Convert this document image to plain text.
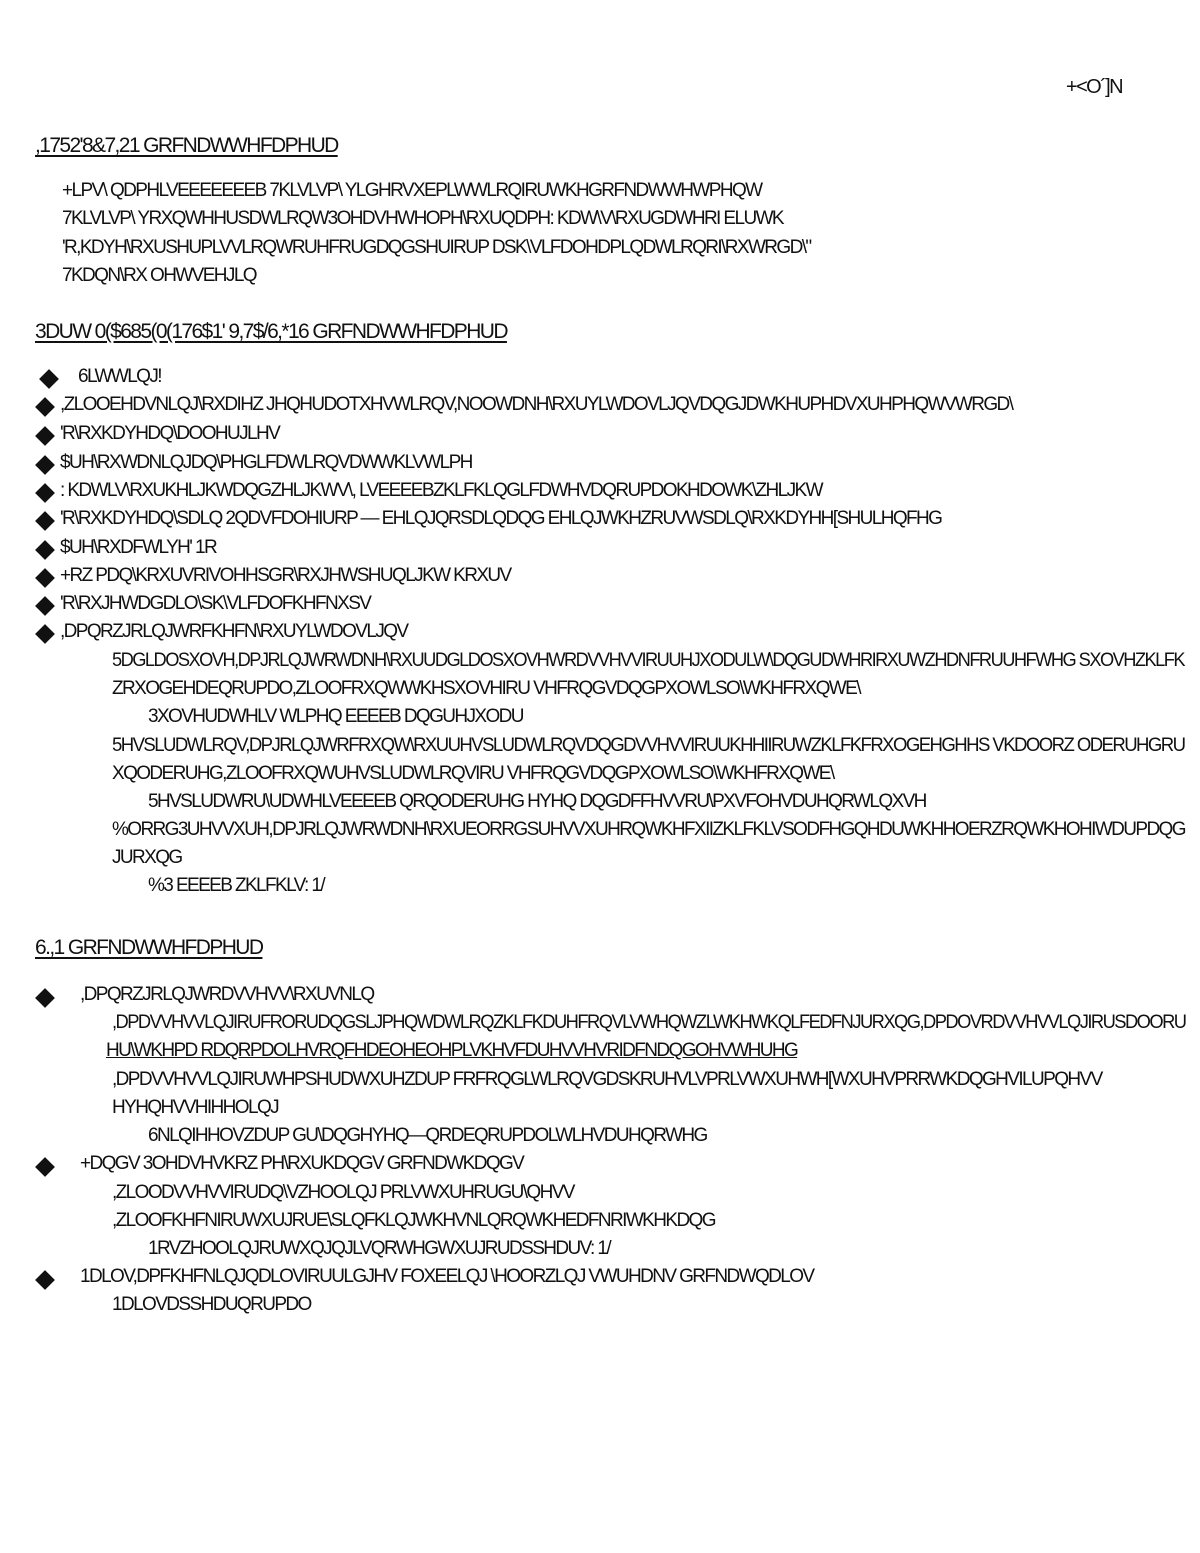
+<O´]N
,1752'8&7,21 GRFNDWWHFDPHUD
+LPV\ QDPHLVEEEEEEEB 7KLVLVP\ YLGHRVXEPLWWLRQIRUWKHGRFNDWWHWPHQW
7KLVLVP\ YRXQWHHUSDWLRQW3OHDVHWHOPH\RXUQDPH: KDW\V\RXUGDWHRI ELUWK
'R,KDYH\RXUSHUPLVVLRQWRUHFRUGDQGSHUIRUP DSK\VLFDOHDPLQDWLRQRI\RXWRGD\"
7KDQN\RX OHWVEHJLQ
3DUW 0($685(0(176$1' 9,7$/6,*16 GRFNDWWHFDPHUD
6LWWLQJ!
,ZLOOEHDVNLQJ\RXDIHZ JHQHUDOTXHVWLRQV,NOOWDNH\RXUYLWDOVLJQVDQGJDWKHUPHDVXUHPHQWVWRGD\
'R\RXKDYHDQ\DOOHUJLHV
$UH\RXWDNLQJDQ\PHGLFDWLRQVDWWKLVWLPH
: KDWLV\RXUKHLJKWDQGZHLJKWV\, LVEEEEBZKLFKLQGLFDWHVDQRUPDOKHDOWK\ZHLJKW
'R\RXKDYHDQ\SDLQ 2QDVFDOHIURP — EHLQJQRSDLQDQG EHLQJWKHZRUVWSDLQ\RXKDYHH[SHULHQFHG
$UH\RXDFWLYH' 1R
+RZ PDQ\KRXUVRIVOHHSGR\RXJHWSHUQLJKW KRXUV
'R\RXJHWDGDLO\SK\VLFDOFKHFNXSV
,DPQRZJRLQJWRFKHFN\RXUYLWDOVLJQV
5DGLDOSXOVH,DPJRLQJWRWDNH\RXUUDGLDOSXOVHWRDVVHVVIRUUHJXODULW\DQGUDWHRIRXUWZHDNFRUUHFWHG SXOVHZKLFK
ZRXOGEHDEQRUPDO,ZLOOFRXQWWKHSXOVHIRU VHFRQGVDQGPXOWLSO\WKHFRXQWE\
3XOVHUDWHLV WLPHQ EEEEB DQGUHJXODU
5HVSLUDWLRQV,DPJRLQJWRFRXQW\RXUUHVSLUDWLRQVDQGDVVHVVIRUUKHHIIRUWZKLFKFRXOGEHGHHS VKDOORZ ODERUHGRU
XQODERUHG,ZLOOFRXQWUHVSLUDWLRQVIRU VHFRQGVDQGPXOWLSO\WKHFRXQWE\
5HVSLUDWRU\UDWHLVEEEEB QRQODERUHG HYHQ DQGDFFHVVRU\PXVFOHVDUHQRWLQXVH
%ORRG3UHVVXUH,DPJRLQJWRWDNH\RXUEORRGSUHVVXUHRQWKHFXIIZKLFKLVSODFHGQHDUWKHHOERZRQWKHOHIWDUPDQG
JURXQG
%3 EEEEB ZKLFKLV: 1/
6.,1 GRFNDWWHFDPHUD
,DPQRZJRLQJWRDVVHVV\RXUVNLQ
,DPDVVHVVLQJIRUFRORUDQGSLJPHQWDWLRQZKLFKDUHFRQVLVWHQWZLWKHWKQLFEDFNJURXQG,DPDOVRDVVHVVLQJIRUSDOORU
HU\WKHPD RDQRPDOLHVRQFHDEOHEOHPLVKHVFDUHVVHVRIDFNDQGOHVWHUHG
,DPDVVHVVLQJIRUWHPSHUDWXUHZDUP FRFRQGLWLRQVGDSKRUHVLVPRLVWXUHWH[WXUHVPRRWKDQGHVILUPQHVV
HYHQHVVHIHHOLQJ
6NLQIHHOVZDUP GU\DQGHYHQ—QRDEQRUPDOLWLHVDUHQRWHG
+DQGV 3OHDVHVKRZ PH\RXUKDQGV GRFNDWKDQGV
,ZLOODVVHVVIRUDQ\VZHOOLQJ PRLVWXUHRUGU\QHVV
,ZLOOFKHFNIRUWXUJRUE\SLQFKLQJWKHVNLQRQWKHEDFNRIWKHKDQG
1RVZHOOLQJRUWXQJQJLVQRWHGWXUJRUDSSHDUV: 1/
1DLOV,DPFKHFNLQJQDLOVIRUULGJHV FOXEELQJ \HOORZLQJ VWUHDNV GRFNDWQDLOV
1DLOVDSSHDUQRUPDO
